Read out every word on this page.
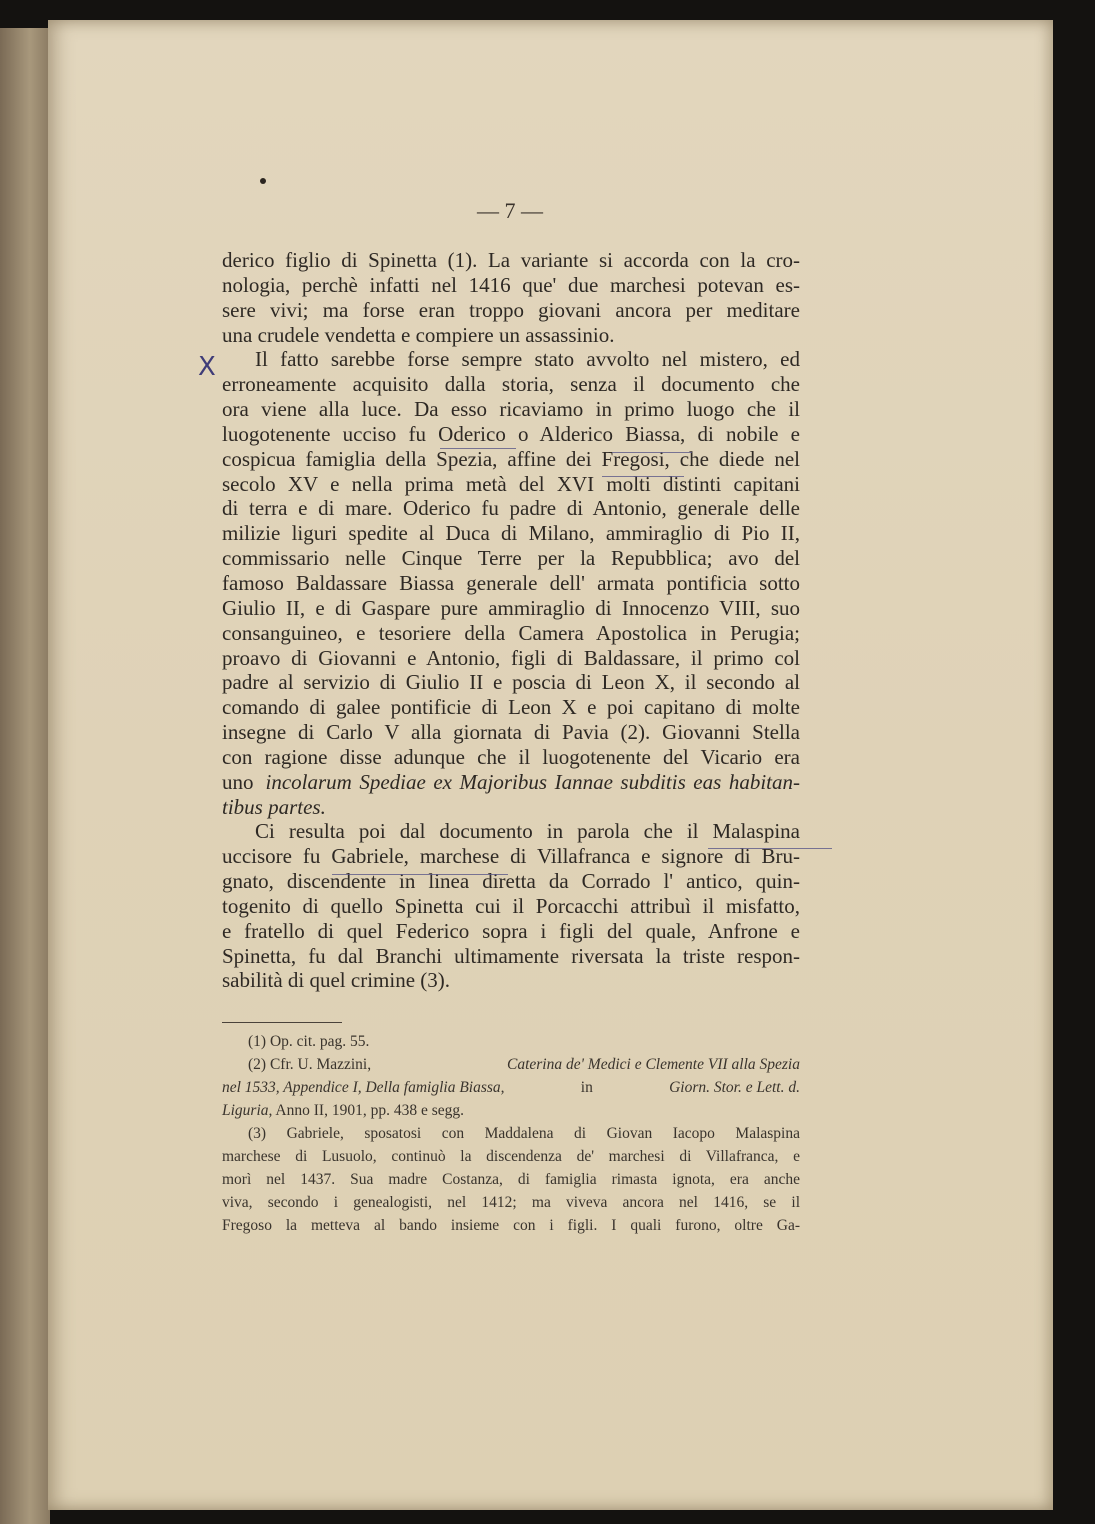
— 7 —
X
derico figlio di Spinetta (1). La variante si accorda con la cro-
nologia, perchè infatti nel 1416 que' due marchesi potevan es-
sere vivi; ma forse eran troppo giovani ancora per meditare
una crudele vendetta e compiere un assassinio.
Il fatto sarebbe forse sempre stato avvolto nel mistero, ed
erroneamente acquisito dalla storia, senza il documento che
ora viene alla luce. Da esso ricaviamo in primo luogo che il
luogotenente ucciso fu Oderico o Alderico Biassa, di nobile e
cospicua famiglia della Spezia, affine dei Fregosi, che diede nel
secolo XV e nella prima metà del XVI molti distinti capitani
di terra e di mare. Oderico fu padre di Antonio, generale delle
milizie liguri spedite al Duca di Milano, ammiraglio di Pio II,
commissario nelle Cinque Terre per la Repubblica; avo del
famoso Baldassare Biassa generale dell' armata pontificia sotto
Giulio II, e di Gaspare pure ammiraglio di Innocenzo VIII, suo
consanguineo, e tesoriere della Camera Apostolica in Perugia;
proavo di Giovanni e Antonio, figli di Baldassare, il primo col
padre al servizio di Giulio II e poscia di Leon X, il secondo al
comando di galee pontificie di Leon X e poi capitano di molte
insegne di Carlo V alla giornata di Pavia (2). Giovanni Stella
con ragione disse adunque che il luogotenente del Vicario era
uno incolarum Spediae ex Majoribus Iannae subditis eas habitan-
tibus partes.
Ci resulta poi dal documento in parola che il Malaspina
uccisore fu Gabriele, marchese di Villafranca e signore di Bru-
gnato, discendente in linea diretta da Corrado l' antico, quin-
togenito di quello Spinetta cui il Porcacchi attribuì il misfatto,
e fratello di quel Federico sopra i figli del quale, Anfrone e
Spinetta, fu dal Branchi ultimamente riversata la triste respon-
sabilità di quel crimine (3).
(1) Op. cit. pag. 55.
(2) Cfr. U. Mazzini,	Caterina de' Medici e Clemente VII alla Spezia
nel 1533, Appendice I, Della famiglia Biassa,	in	Giorn. Stor. e Lett. d.
Liguria, Anno II, 1901, pp. 438 e segg.
(3) Gabriele, sposatosi con Maddalena di Giovan Iacopo Malaspina
marchese di Lusuolo, continuò la discendenza de' marchesi di Villafranca, e
morì nel 1437. Sua madre Costanza, di famiglia rimasta ignota, era anche
viva, secondo i genealogisti, nel 1412; ma viveva ancora nel 1416, se il
Fregoso la metteva al bando insieme con i figli. I quali furono, oltre Ga-
